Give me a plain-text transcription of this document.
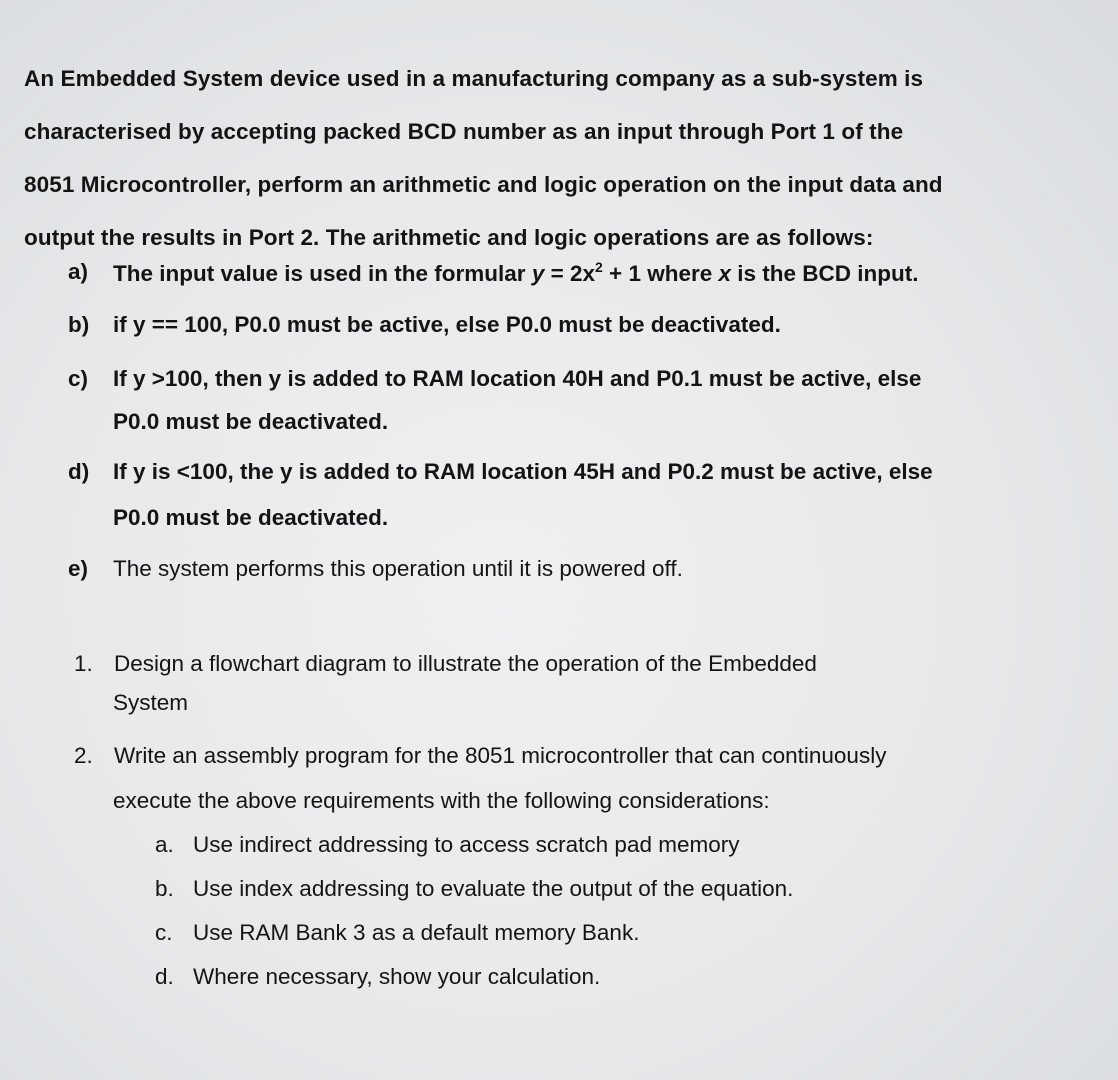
An Embedded System device used in a manufacturing company as a sub-system is
characterised by accepting packed BCD number as an input through Port 1 of the
8051 Microcontroller, perform an arithmetic and logic operation on the input data and
output the results in Port 2. The arithmetic and logic operations are as follows:
a) The input value is used in the formular $y = 2x^2 + 1$ where x is the BCD input.
b) if y == 100, P0.0 must be active, else P0.0 must be deactivated.
c) If y >100, then y is added to RAM location 40H and P0.1 must be active, else
P0.0 must be deactivated.
d) If y is <100, the y is added to RAM location 45H and P0.2 must be active, else
P0.0 must be deactivated.
e) The system performs this operation until it is powered off.
1. Design a flowchart diagram to illustrate the operation of the Embedded
System
2. Write an assembly program for the 8051 microcontroller that can continuously
execute the above requirements with the following considerations:
a. Use indirect addressing to access scratch pad memory
b. Use index addressing to evaluate the output of the equation.
c. Use RAM Bank 3 as a default memory Bank.
d. Where necessary, show your calculation.
